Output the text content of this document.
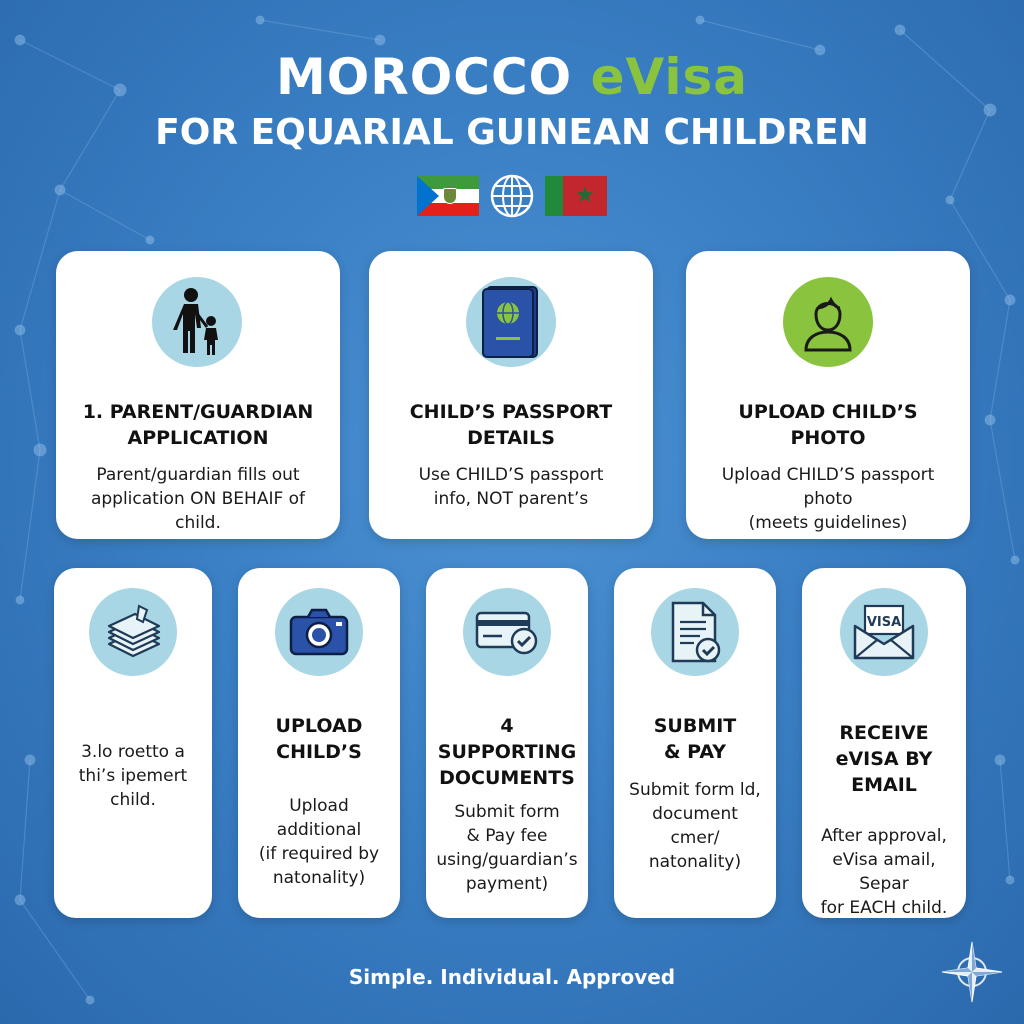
MOROCCO eVisa
FOR EQUARIAL GUINEAN CHILDREN
★
1. PARENT/GUARDIAN
APPLICATION
Parent/guardian fills out
application ON BEHAIF of child.
CHILD’S PASSPORT
DETAILS
Use CHILD’S passport
info, NOT parent’s
UPLOAD CHILD’S
PHOTO
Upload CHILD’S passport photo
(meets guidelines)
3.lo roetto a
thi’s ipemert
child.
UPLOAD
CHILD’S
Upload additional
(if required by
natonality)
4 SUPPORTING
DOCUMENTS
Submit form
& Pay fee
using/guardian’s
payment)
SUBMIT
& PAY
Submit form ld,
document
cmer/
natonality)
VISA
RECEIVE
eVISA BY
EMAIL
After approval,
eVisa amail, Separ
for EACH child.
Simple. Individual. Approved
